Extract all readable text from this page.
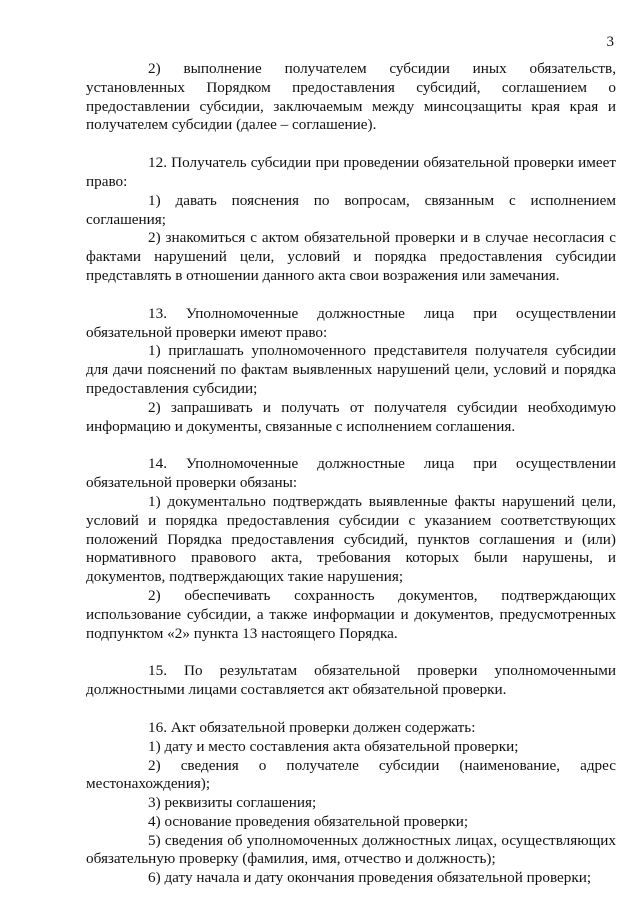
3

2) выполнение получателем субсидии иных обязательств, установленных Порядком предоставления субсидий, соглашением о предоставлении субсидии, заключаемым между минсоцзащиты края края и получателем субсидии (далее – соглашение).

12. Получатель субсидии при проведении обязательной проверки имеет право:

1) давать пояснения по вопросам, связанным с исполнением соглашения;

2) знакомиться с актом обязательной проверки и в случае несогласия с фактами нарушений цели, условий и порядка предоставления субсидии представлять в отношении данного акта свои возражения или замечания.

13. Уполномоченные должностные лица при осуществлении обязательной проверки имеют право:

1) приглашать уполномоченного представителя получателя субсидии для дачи пояснений по фактам выявленных нарушений цели, условий и порядка предоставления субсидии;

2) запрашивать и получать от получателя субсидии необходимую информацию и документы, связанные с исполнением соглашения.

14. Уполномоченные должностные лица при осуществлении обязательной проверки обязаны:

1) документально подтверждать выявленные факты нарушений цели, условий и порядка предоставления субсидии с указанием соответствующих положений Порядка предоставления субсидий, пунктов соглашения и (или) нормативного правового акта, требования которых были нарушены, и документов, подтверждающих такие нарушения;

2) обеспечивать сохранность документов, подтверждающих использование субсидии, а также информации и документов, предусмотренных подпунктом «2» пункта 13 настоящего Порядка.

15. По результатам обязательной проверки уполномоченными должностными лицами составляется акт обязательной проверки.

16. Акт обязательной проверки должен содержать:

1) дату и место составления акта обязательной проверки;

2) сведения о получателе субсидии (наименование, адрес местонахождения);

3) реквизиты соглашения;

4) основание проведения обязательной проверки;

5) сведения об уполномоченных должностных лицах, осуществляющих обязательную проверку (фамилия, имя, отчество и должность);

6) дату начала и дату окончания проведения обязательной проверки;
